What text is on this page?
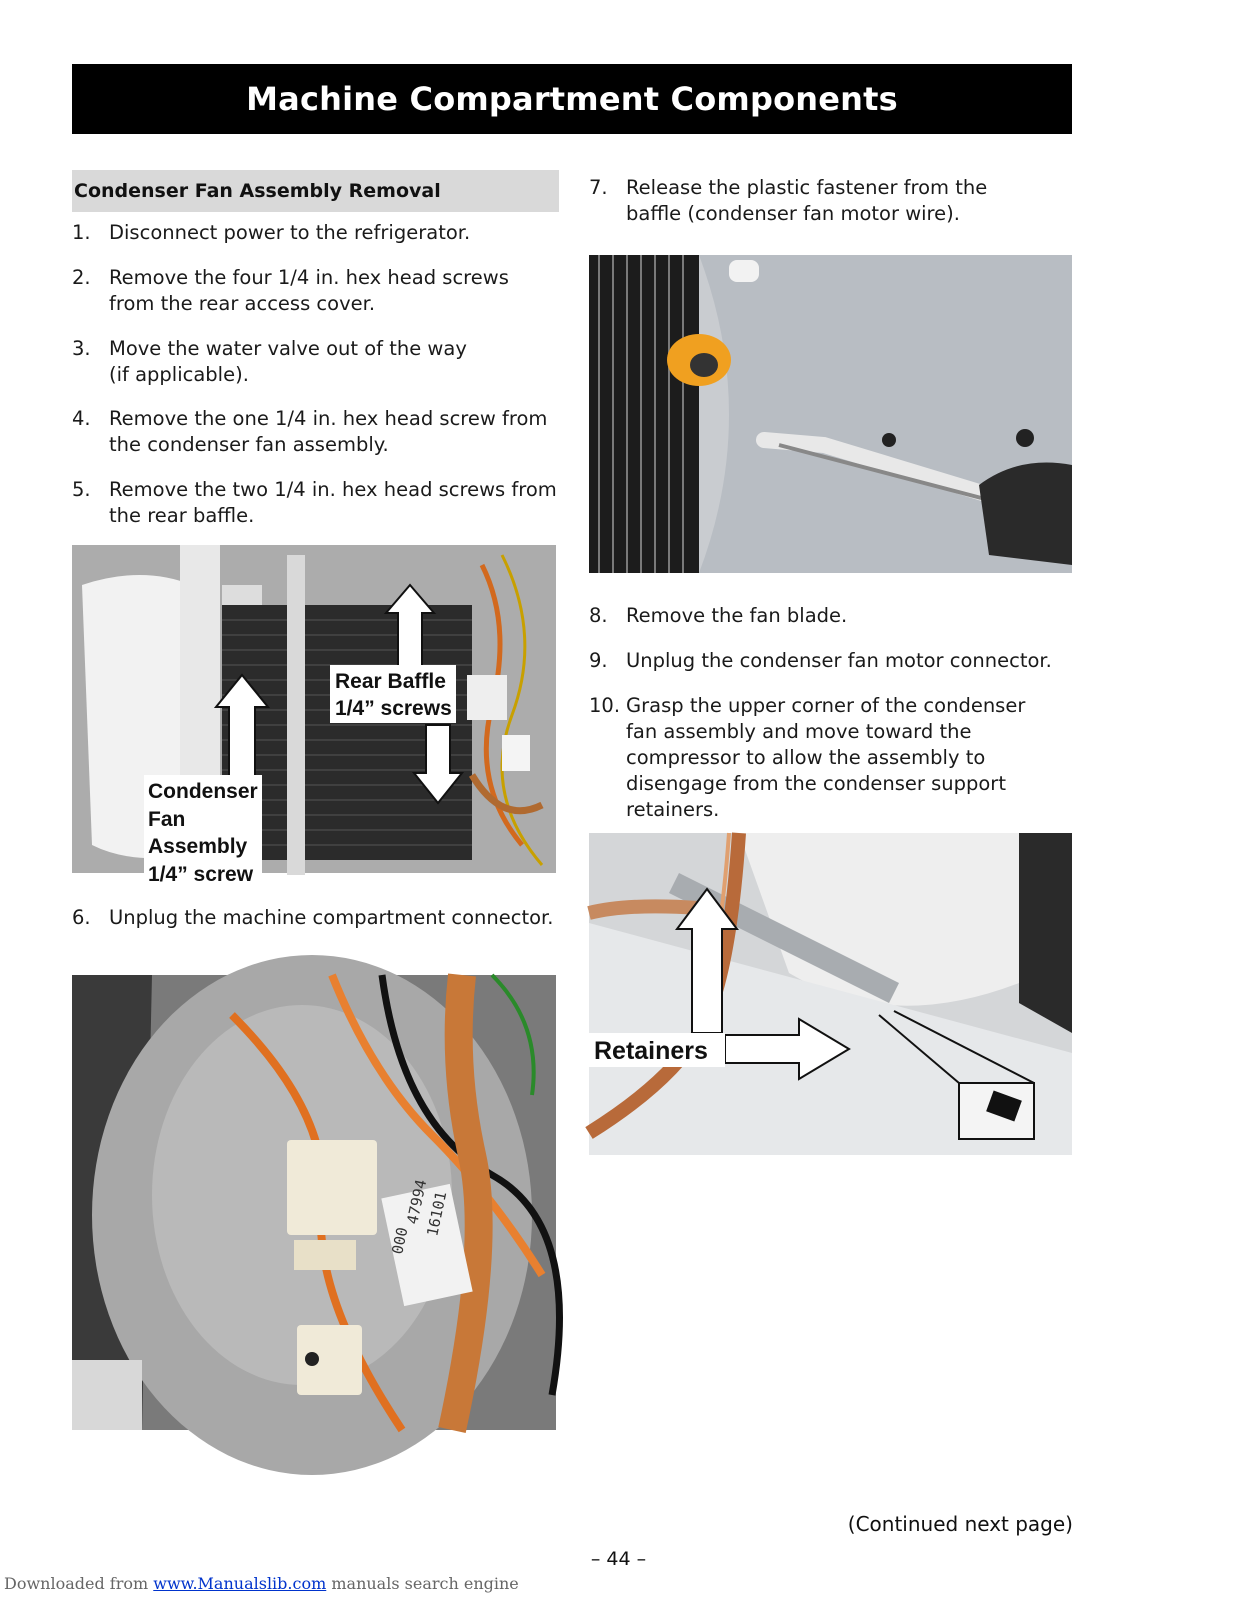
Machine Compartment Components
Condenser Fan Assembly Removal
1. Disconnect power to the refrigerator.
2. Remove the four 1/4 in. hex head screws from the rear access cover.
3. Move the water valve out of the way (if applicable).
4. Remove the one 1/4 in. hex head screw from the condenser fan assembly.
5. Remove the two 1/4 in. hex head screws from the rear baffle.
Rear Baffle
1/4” screws
Condenser
Fan
Assembly
1/4” screw
6. Unplug the machine compartment connector.
47994
16101
000
7. Release the plastic fastener from the baffle (condenser fan motor wire).
8. Remove the fan blade.
9. Unplug the condenser fan motor connector.
10. Grasp the upper corner of the condenser fan assembly and move toward the compressor to allow the assembly to disengage from the condenser support retainers.
Retainers
(Continued next page)
– 44 –
Downloaded from www.Manualslib.com manuals search engine
